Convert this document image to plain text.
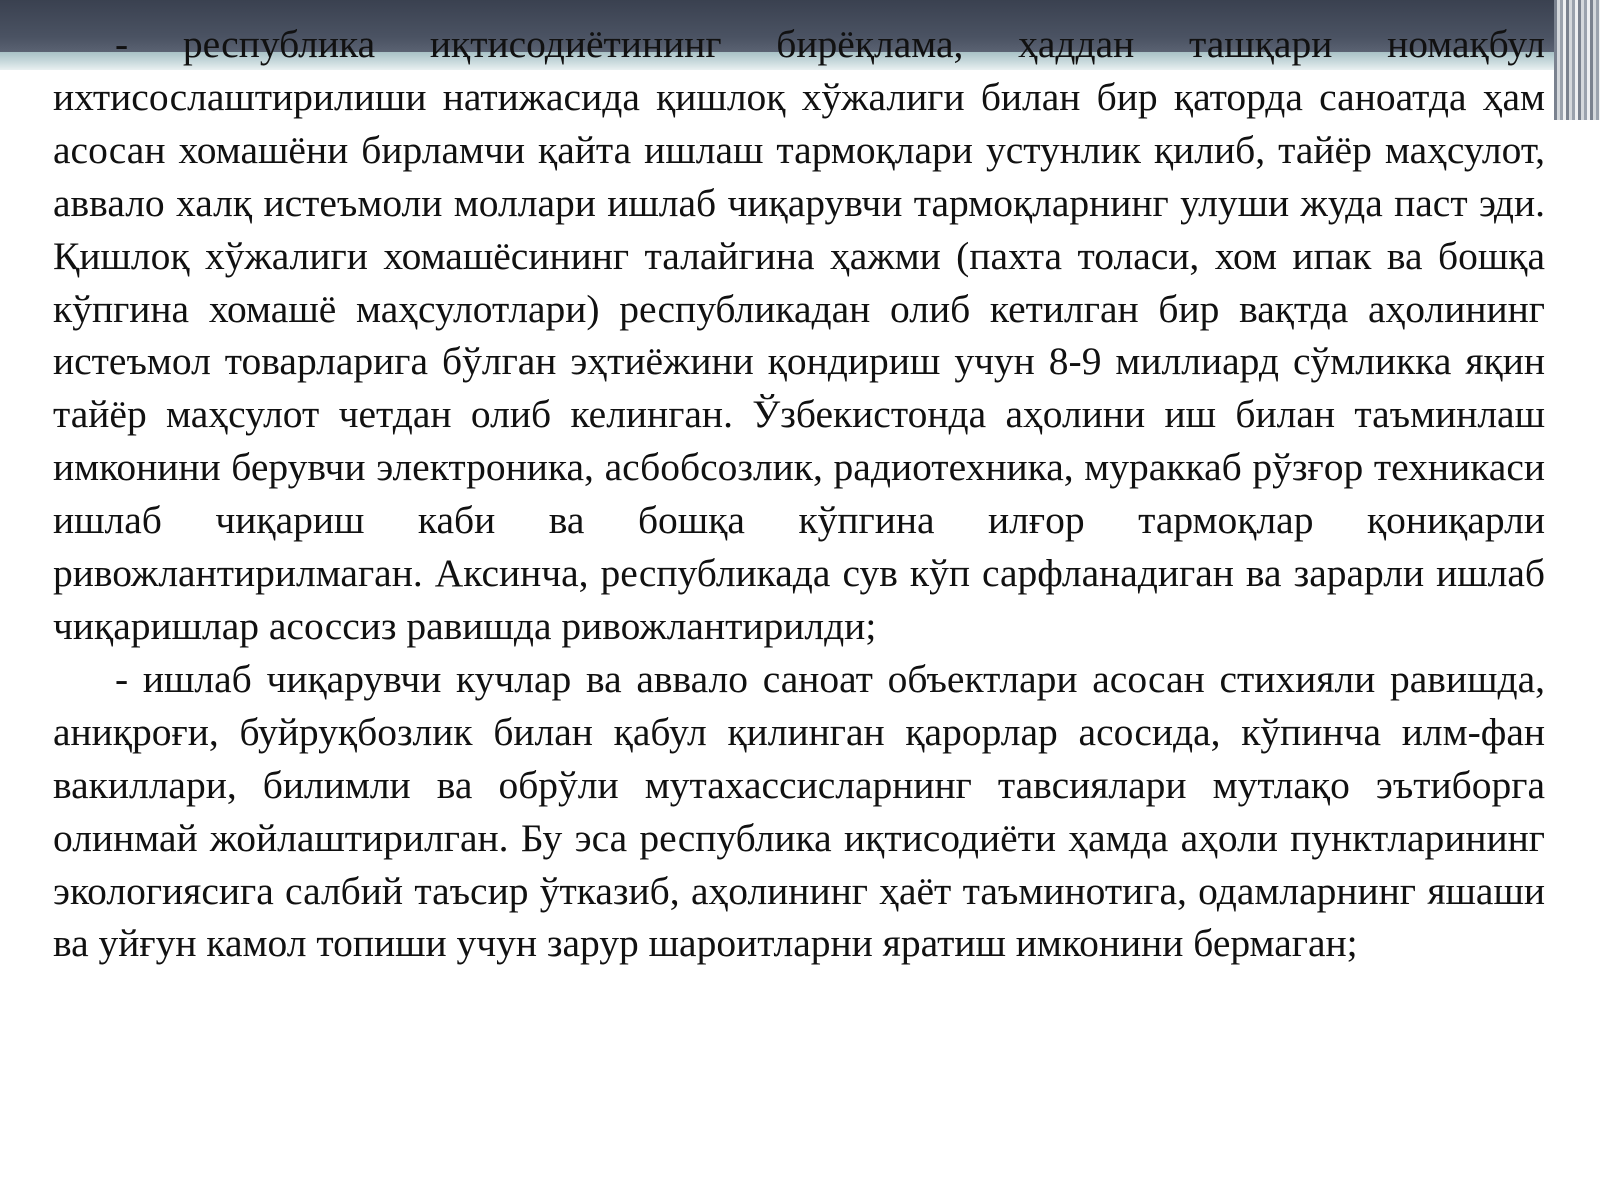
- республика иқтисодиётининг бирёқлама, ҳаддан ташқари номақбул ихтисослаштирилиши натижасида қишлоқ хўжалиги билан бир қаторда саноатда ҳам асосан хомашёни бирламчи қайта ишлаш тармоқлари устунлик қилиб, тайёр маҳсулот, аввало халқ истеъмоли моллари ишлаб чиқарувчи тармоқларнинг улуши жуда паст эди. Қишлоқ хўжалиги хомашёсининг талайгина ҳажми (пахта толаси, хом ипак ва бошқа кўпгина хомашё маҳсулотлари) республикадан олиб кетилган бир вақтда аҳолининг истеъмол товарларига бўлган эҳтиёжини қондириш учун 8-9 миллиард сўмликка яқин тайёр маҳсулот четдан олиб келинган. Ўзбекистонда аҳолини иш билан таъминлаш имконини берувчи электроника, асбобсозлик, радиотехника, мураккаб рўзғор техникаси ишлаб чиқариш каби ва бошқа кўпгина илғор тармоқлар қониқарли ривожлантирилмаган. Аксинча, республикада сув кўп сарфланадиган ва зарарли ишлаб чиқаришлар асоссиз равишда ривожлантирилди;

- ишлаб чиқарувчи кучлар ва аввало саноат объектлари асосан стихияли равишда, аниқроғи, буйруқбозлик билан қабул қилинган қарорлар асосида, кўпинча илм-фан вакиллари, билимли ва обрўли мутахассисларнинг тавсиялари мутлақо эътиборга олинмай жойлаштирилган. Бу эса республика иқтисодиёти ҳамда аҳоли пунктларининг экологиясига салбий таъсир ўтказиб, аҳолининг ҳаёт таъминотига, одамларнинг яшаши ва уйғун камол топиши учун зарур шароитларни яратиш имконини бермаган;
